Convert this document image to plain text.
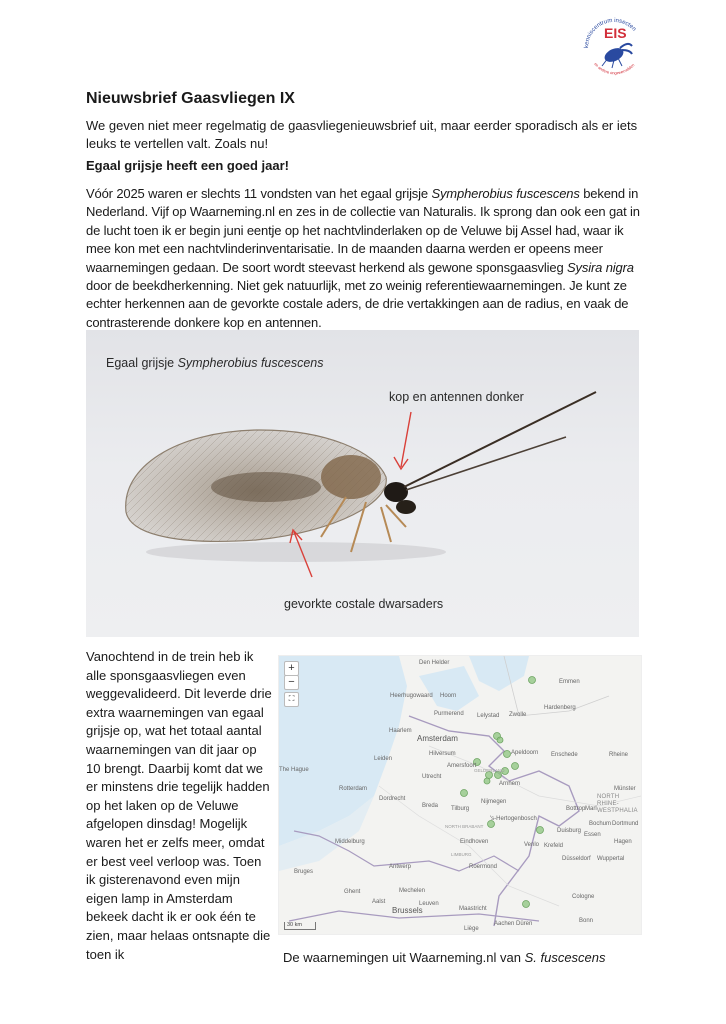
kenniscentrum insecten
en andere ongewervelden
EIS
Nieuwsbrief Gaasvliegen IX

We geven niet meer regelmatig de gaasvliegenieuwsbrief uit, maar eerder sporadisch als er iets leuks te vertellen valt. Zoals nu!

Egaal grijsje heeft een goed jaar!

Vóór 2025 waren er slechts 11 vondsten van het egaal grijsje Sympherobius fuscescens bekend in Nederland. Vijf op Waarneming.nl en zes in de collectie van Naturalis. Ik sprong dan ook een gat in de lucht toen ik er begin juni eentje op het nachtvlinderlaken op de Veluwe bij Assel had, waar ik mee kon met een nachtvlinderinventarisatie. In de maanden daarna werden er opeens meer waarnemingen gedaan. De soort wordt steevast herkend als gewone sponsgaasvlieg Sysira nigra door de beekdherkenning. Niet gek natuurlijk, met zo weinig referentiewaarnemingen. Je kunt ze echter herkennen aan de gevorkte costale aders, de drie vertakkingen aan de radius, en vaak de contrasterende donkere kop en antennen.

Egaal grijsje Sympherobius fuscescens
kop en antennen donker
gevorkte costale dwarsaders

Vanochtend in de trein heb ik alle sponsgaasvliegen even weggevalideerd. Dit leverde drie extra waarnemingen van egaal grijsje op, wat het totaal aantal waarnemingen van dit jaar op 10 brengt. Daarbij komt dat we er minstens drie tegelijk hadden op het laken op de Veluwe afgelopen dinsdag! Mogelijk waren het er zelfs meer, omdat er best veel verloop was. Toen ik gisterenavond even mijn eigen lamp in Amsterdam bekeek dacht ik er ook één te zien, maar helaas ontsnapte die toen ik

+
−
⛶
Den Helder
Heerhugowaard Hoorn
Purmerend
Haarlem
Amsterdam
Lelystad Zwolle
Hardenberg
Emmen
Leiden
Hilversum
Amersfoort
Utrecht
Apeldoorn Enschede
The Hague
Rotterdam
Arnhem
Nijmegen
Dordrecht
Breda Tilburg
's-Hertogenbosch
Eindhoven	Venlo
Roermond
Maastricht
Middelburg
Antwerp
Bruges
Ghent	Mechelen
Aalst
Brussels
Leuven
Liège
Aachen Düren
Cologne
Bonn
Düsseldorf
Krefeld
Duisburg
Essen
Bochum Dortmund
Wuppertal
Hagen
Bottrop Marl
Rheine
Münster
NORTH RHINE-WESTPHALIA
NORTH BRABANT
LIMBURG
GELDERLAND
30 km
De waarnemingen uit Waarneming.nl van S. fuscescens
